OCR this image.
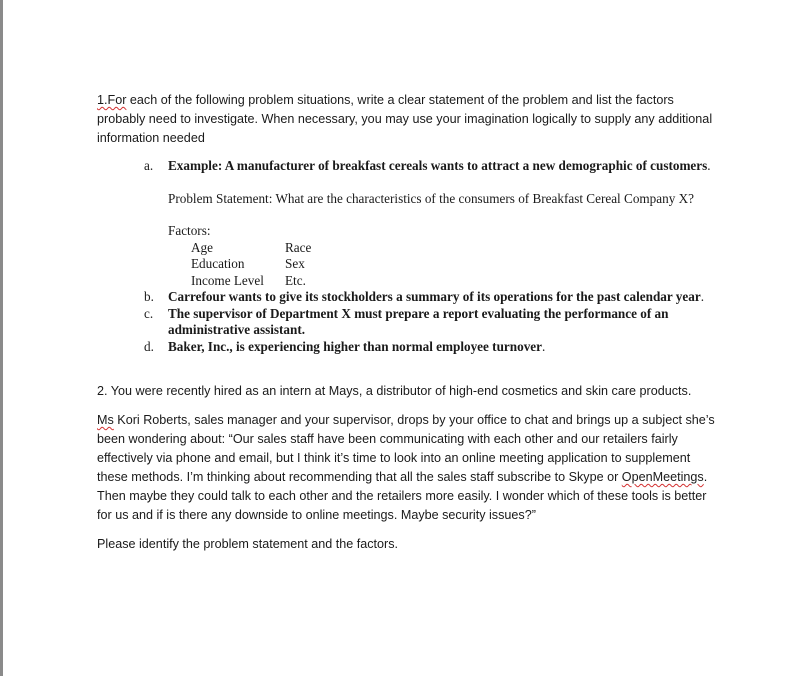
1.For each of the following problem situations, write a clear statement of the problem and list the factors probably need to investigate. When necessary, you may use your imagination logically to supply any additional information needed

a. Example: A manufacturer of breakfast cereals wants to attract a new demographic of customers.
Problem Statement: What are the characteristics of the consumers of Breakfast Cereal Company X?
Factors:
Age	Race
Education	Sex
Income Level	Etc.
b. Carrefour wants to give its stockholders a summary of its operations for the past calendar year.
c. The supervisor of Department X must prepare a report evaluating the performance of an administrative assistant.
d. Baker, Inc., is experiencing higher than normal employee turnover.

2. You were recently hired as an intern at Mays, a distributor of high-end cosmetics and skin care products.

Ms Kori Roberts, sales manager and your supervisor, drops by your office to chat and brings up a subject she’s been wondering about: “Our sales staff have been communicating with each other and our retailers fairly effectively via phone and email, but I think it’s time to look into an online meeting application to supplement these methods. I’m thinking about recommending that all the sales staff subscribe to Skype or OpenMeetings. Then maybe they could talk to each other and the retailers more easily. I wonder which of these tools is better for us and if is there any downside to online meetings. Maybe security issues?”

Please identify the problem statement and the factors.
